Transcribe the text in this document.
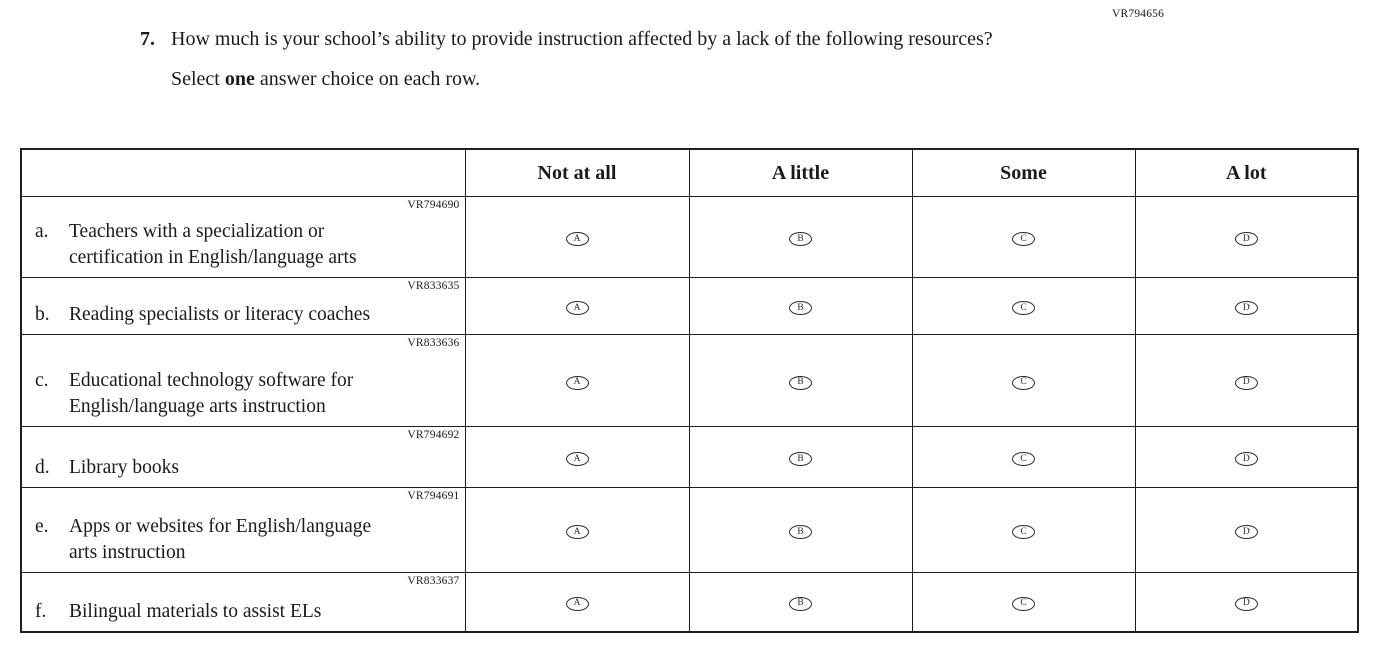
VR794656
7. How much is your school’s ability to provide instruction affected by a lack of the following resources?

Select one answer choice on each row.

	Not at all	A little	Some	A lot

VR794690
a. Teachers with a specialization or certification in English/language arts	A	B	C	D

VR833635
b. Reading specialists or literacy coaches	A	B	C	D

VR833636
c. Educational technology software for English/language arts instruction	A	B	C	D

VR794692
d. Library books	A	B	C	D

VR794691
e. Apps or websites for English/language arts instruction	A	B	C	D

VR833637
f. Bilingual materials to assist ELs	A	B	C	D
